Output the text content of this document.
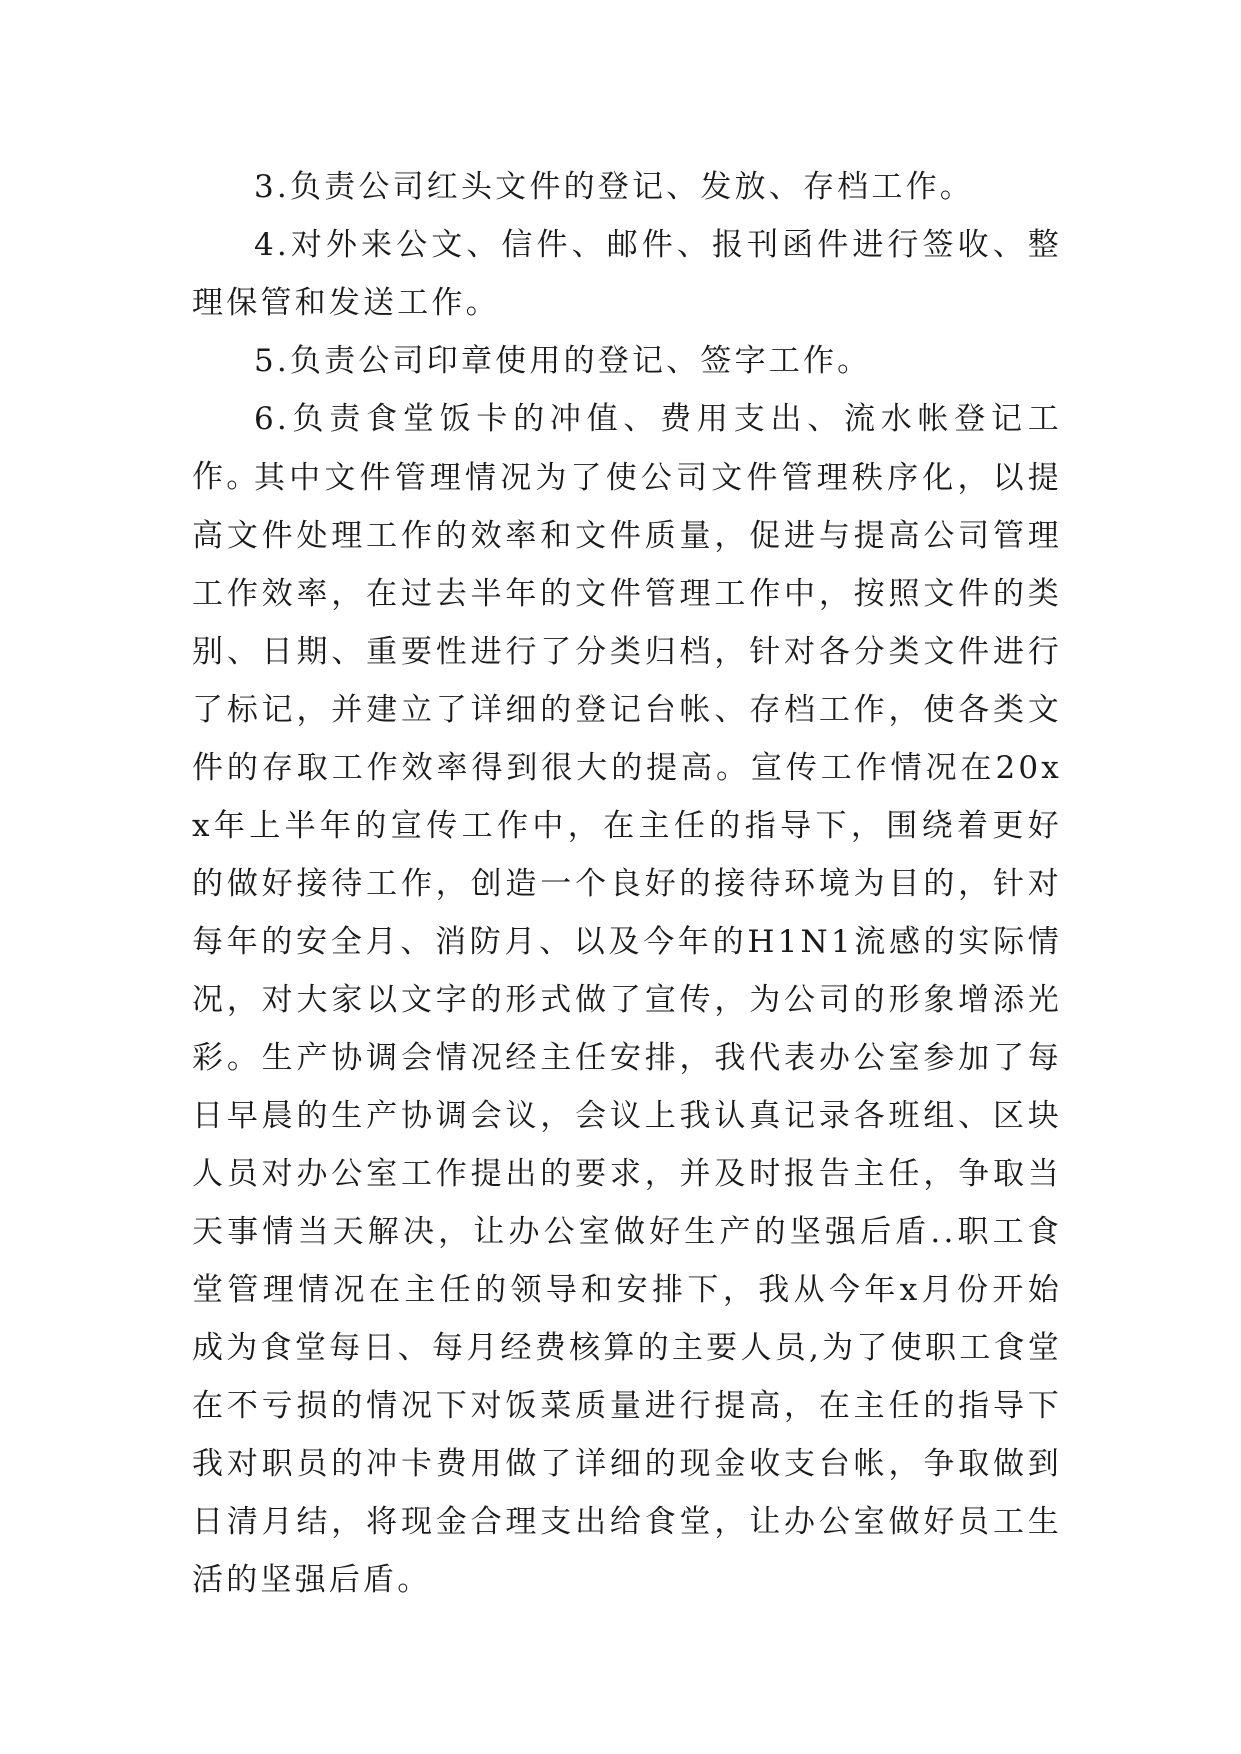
3.负责公司红头文件的登记、发放、存档工作。

4.对外来公文、信件、邮件、报刊函件进行签收、整理保管和发送工作。

5.负责公司印章使用的登记、签字工作。

6.负责食堂饭卡的冲值、费用支出、流水帐登记工作。

其中文件管理情况为了使公司文件管理秩序化，以提高文件处理工作的效率和文件质量，促进与提高公司管理工作效率，在过去半年的文件管理工作中，按照文件的类别、日期、重要性进行了分类归档，针对各分类文件进行了标记，并建立了详细的登记台帐、存档工作，使各类文件的存取工作效率得到很大的提高。宣传工作情况在20xx年上半年的宣传工作中，在主任的指导下，围绕着更好的做好接待工作，创造一个良好的接待环境为目的，针对每年的安全月、消防月、以及今年的H1N1流感的实际情况，对大家以文字的形式做了宣传，为公司的形象增添光彩。生产协调会情况经主任安排，我代表办公室参加了每日早晨的生产协调会议，会议上我认真记录各班组、区块人员对办公室工作提出的要求，并及时报告主任，争取当天事情当天解决，让办公室做好生产的坚强后盾..职工食堂管理情况在主任的领导和安排下，我从今年x月份开始成为食堂每日、每月经费核算的主要人员,为了使职工食堂在不亏损的情况下对饭菜质量进行提高，在主任的指导下我对职员的冲卡费用做了详细的现金收支台帐，争取做到日清月结，将现金合理支出给食堂，让办公室做好员工生活的坚强后盾。
